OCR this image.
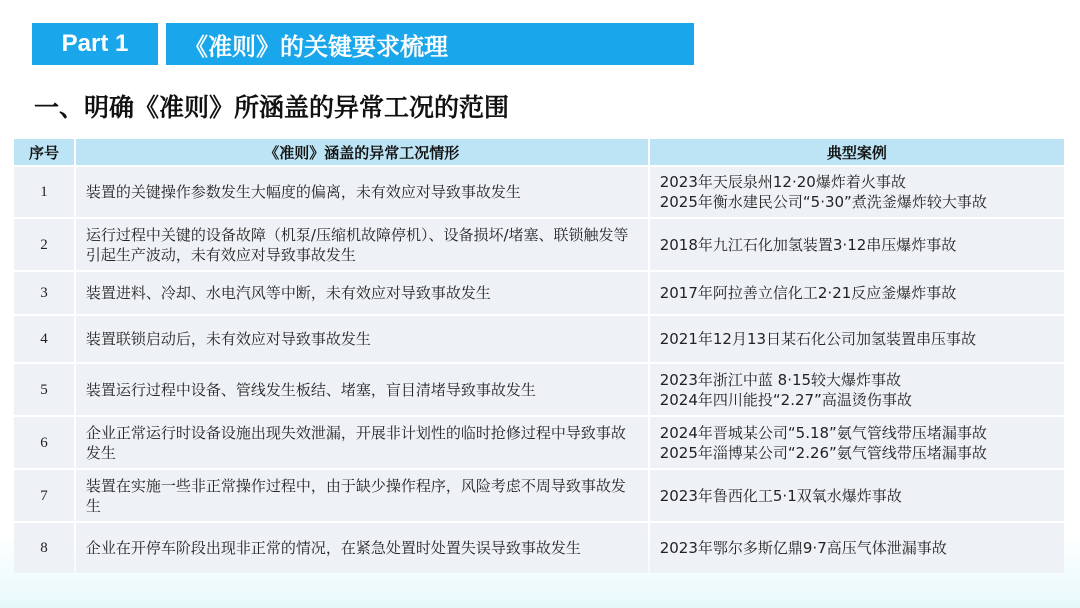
Part 1	《准则》的关键要求梳理
一、明确《准则》所涵盖的异常工况的范围
序号	《准则》涵盖的异常工况情形	典型案例
1	装置的关键操作参数发生大幅度的偏离，未有效应对导致事故发生	2023年天辰泉州12·20爆炸着火事故
2025年衡水建民公司“5·30”煮洗釜爆炸较大事故

2	运行过程中关键的设备故障（机泵/压缩机故障停机）、设备损坏/堵塞、联锁触发等引起生产波动，未有效应对导致事故发生	2018年九江石化加氢装置3·12串压爆炸事故

3	装置进料、冷却、水电汽风等中断，未有效应对导致事故发生	2017年阿拉善立信化工2·21反应釜爆炸事故

4	装置联锁启动后，未有效应对导致事故发生	2021年12月13日某石化公司加氢装置串压事故

5	装置运行过程中设备、管线发生板结、堵塞，盲目清堵导致事故发生	2023年浙江中蓝 8·15较大爆炸事故
2024年四川能投“2.27”高温烫伤事故

6	企业正常运行时设备设施出现失效泄漏，开展非计划性的临时抢修过程中导致事故发生	2024年晋城某公司“5.18”氨气管线带压堵漏事故
2025年淄博某公司“2.26”氨气管线带压堵漏事故

7	装置在实施一些非正常操作过程中，由于缺少操作程序，风险考虑不周导致事故发生	2023年鲁西化工5·1双氧水爆炸事故

8	企业在开停车阶段出现非正常的情况，在紧急处置时处置失误导致事故发生	2023年鄂尔多斯亿鼎9·7高压气体泄漏事故
